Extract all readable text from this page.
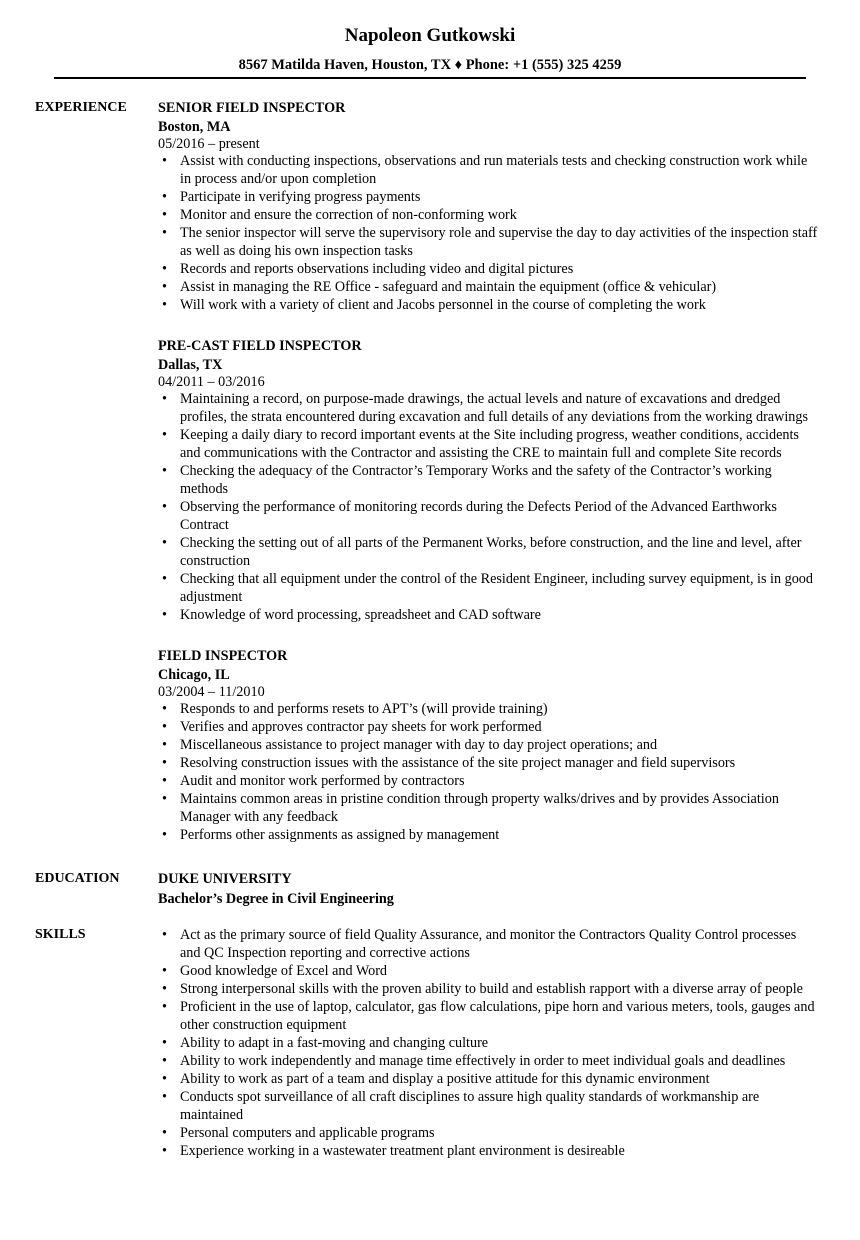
Napoleon Gutkowski
8567 Matilda Haven, Houston, TX ♦ Phone: +1 (555) 325 4259
EXPERIENCE SENIOR FIELD INSPECTOR
Boston, MA
05/2016 – present
• Assist with conducting inspections, observations and run materials tests and checking construction work while in process and/or upon completion
• Participate in verifying progress payments
• Monitor and ensure the correction of non-conforming work
• The senior inspector will serve the supervisory role and supervise the day to day activities of the inspection staff as well as doing his own inspection tasks
• Records and reports observations including video and digital pictures
• Assist in managing the RE Office - safeguard and maintain the equipment (office & vehicular)
• Will work with a variety of client and Jacobs personnel in the course of completing the work
PRE-CAST FIELD INSPECTOR
Dallas, TX
04/2011 – 03/2016
• Maintaining a record, on purpose-made drawings, the actual levels and nature of excavations and dredged profiles, the strata encountered during excavation and full details of any deviations from the working drawings
• Keeping a daily diary to record important events at the Site including progress, weather conditions, accidents and communications with the Contractor and assisting the CRE to maintain full and complete Site records
• Checking the adequacy of the Contractor’s Temporary Works and the safety of the Contractor’s working methods
• Observing the performance of monitoring records during the Defects Period of the Advanced Earthworks Contract
• Checking the setting out of all parts of the Permanent Works, before construction, and the line and level, after construction
• Checking that all equipment under the control of the Resident Engineer, including survey equipment, is in good adjustment
• Knowledge of word processing, spreadsheet and CAD software
FIELD INSPECTOR
Chicago, IL
03/2004 – 11/2010
• Responds to and performs resets to APT’s (will provide training)
• Verifies and approves contractor pay sheets for work performed
• Miscellaneous assistance to project manager with day to day project operations; and
• Resolving construction issues with the assistance of the site project manager and field supervisors
• Audit and monitor work performed by contractors
• Maintains common areas in pristine condition through property walks/drives and by provides Association Manager with any feedback
• Performs other assignments as assigned by management
EDUCATION	DUKE UNIVERSITY
Bachelor’s Degree in Civil Engineering
SKILLS	• Act as the primary source of field Quality Assurance, and monitor the Contractors Quality Control processes and QC Inspection reporting and corrective actions
• Good knowledge of Excel and Word
• Strong interpersonal skills with the proven ability to build and establish rapport with a diverse array of people
• Proficient in the use of laptop, calculator, gas flow calculations, pipe horn and various meters, tools, gauges and other construction equipment
• Ability to adapt in a fast-moving and changing culture
• Ability to work independently and manage time effectively in order to meet individual goals and deadlines
• Ability to work as part of a team and display a positive attitude for this dynamic environment
• Conducts spot surveillance of all craft disciplines to assure high quality standards of workmanship are maintained
• Personal computers and applicable programs
• Experience working in a wastewater treatment plant environment is desireable
